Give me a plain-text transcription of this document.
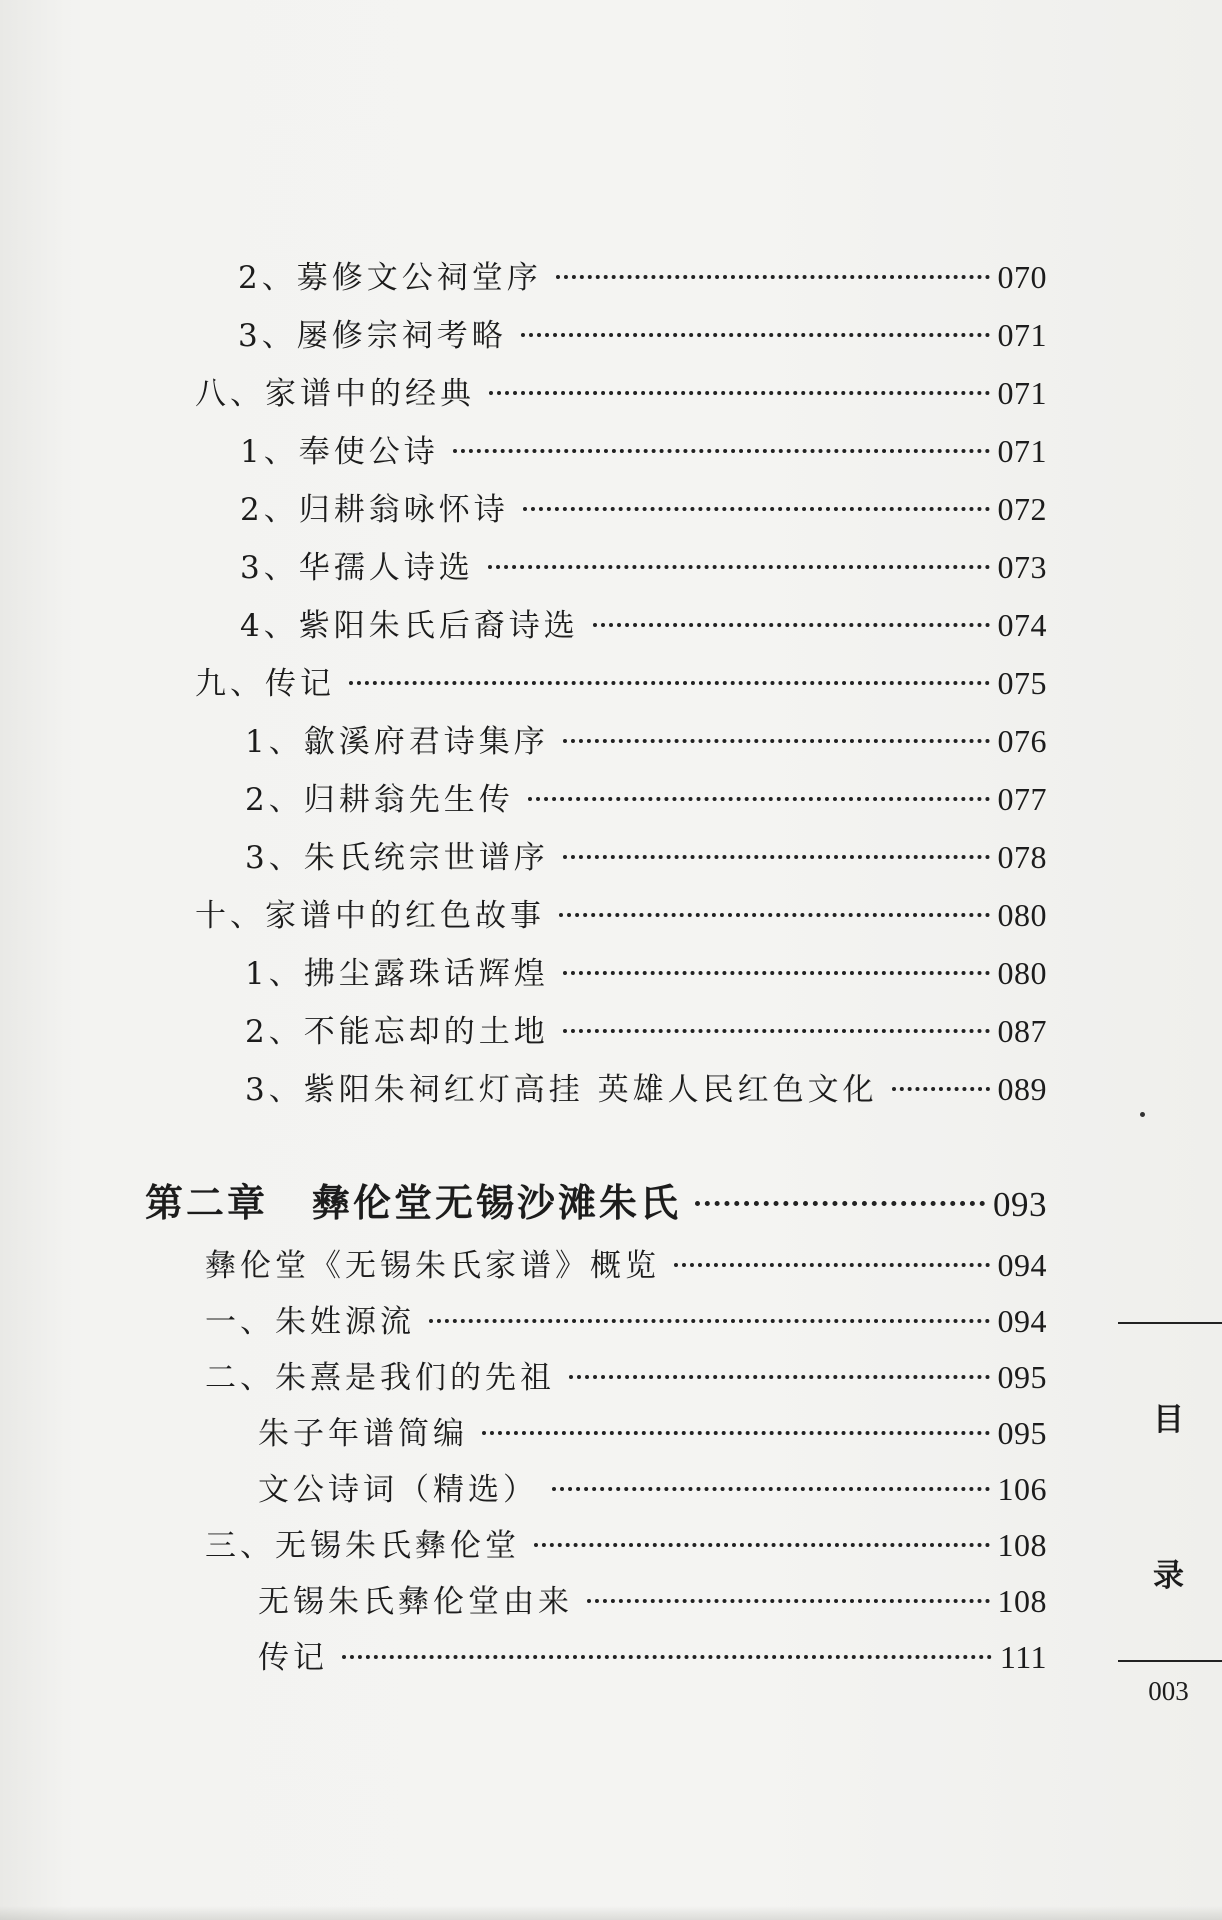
2、募修文公祠堂序	070
3、屡修宗祠考略	071
八、家谱中的经典	071
1、奉使公诗	071
2、归耕翁咏怀诗	072
3、华孺人诗选	073
4、紫阳朱氏后裔诗选	074
九、传记	075
1、歙溪府君诗集序	076
2、归耕翁先生传	077
3、朱氏统宗世谱序	078
十、家谱中的红色故事	080
1、拂尘露珠话辉煌	080
2、不能忘却的土地	087
3、紫阳朱祠红灯高挂 英雄人民红色文化	089
第二章 彝伦堂无锡沙滩朱氏	093
彝伦堂《无锡朱氏家谱》概览	094
一、朱姓源流	094
二、朱熹是我们的先祖	095
朱子年谱简编	095
文公诗词（精选）	106
三、无锡朱氏彝伦堂	108
无锡朱氏彝伦堂由来	108
传记	111
目
录
003
